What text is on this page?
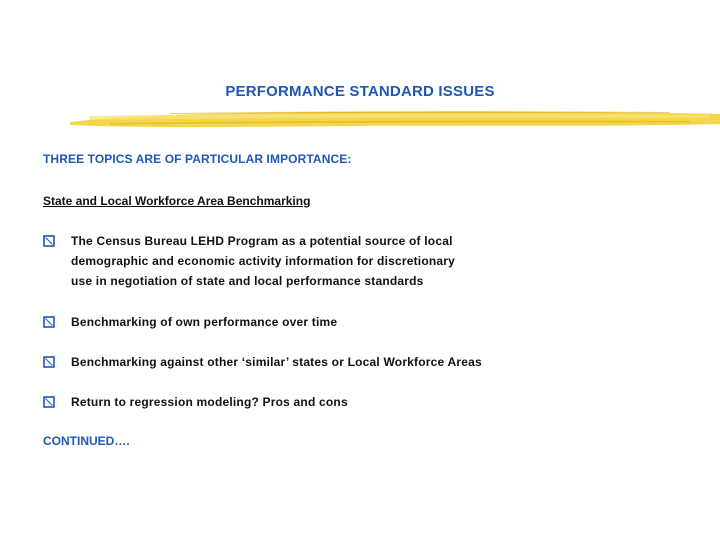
PERFORMANCE STANDARD ISSUES
THREE TOPICS ARE OF PARTICULAR IMPORTANCE:
State and Local Workforce Area Benchmarking
The Census Bureau LEHD Program as a potential source of local
demographic and economic activity information for discretionary
use in negotiation of state and local performance standards
Benchmarking of own performance over time
Benchmarking against other ‘similar’ states or Local Workforce Areas
Return to regression modeling? Pros and cons
CONTINUED….
